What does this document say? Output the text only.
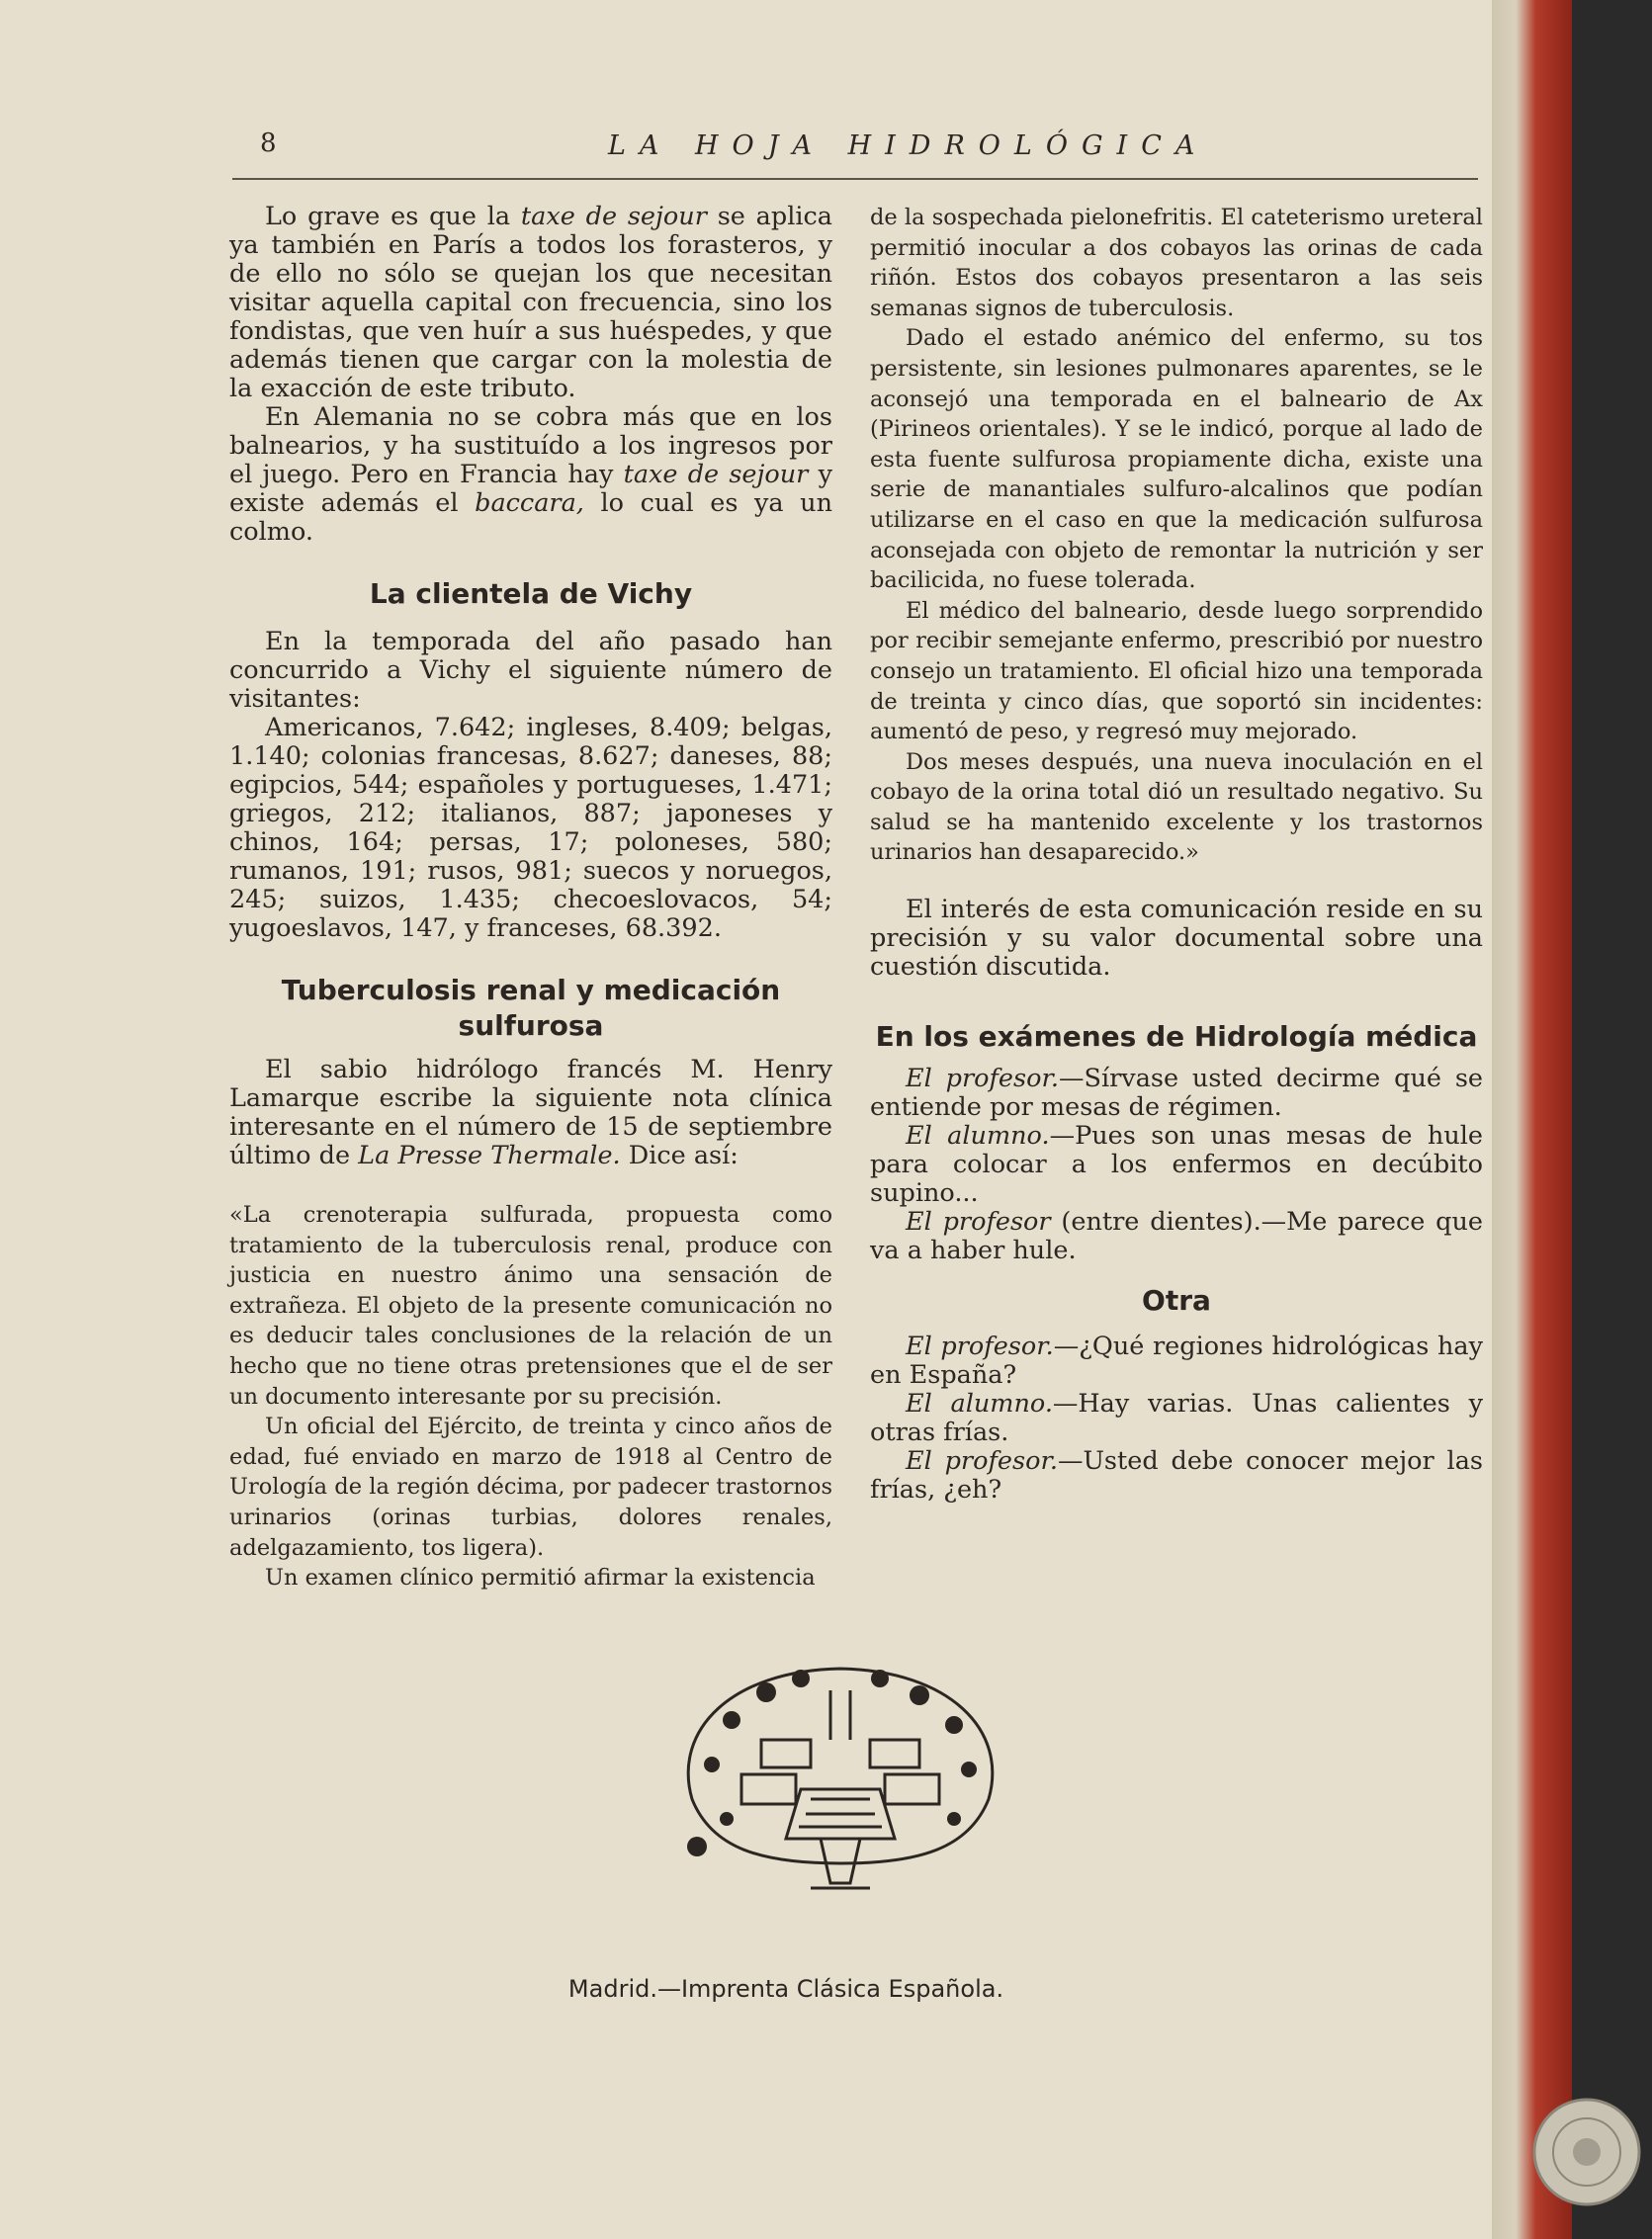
8	LA HOJA HIDROLÓGICA

Lo grave es que la taxe de sejour se aplica ya también en París a todos los forasteros, y de ello no sólo se quejan los que necesitan visitar aquella capital con frecuencia, sino los fondistas, que ven huír a sus huéspedes, y que además tienen que cargar con la molestia de la exacción de este tributo.

En Alemania no se cobra más que en los balnearios, y ha sustituído a los ingresos por el juego. Pero en Francia hay taxe de sejour y existe además el baccara, lo cual es ya un colmo.

La clientela de Vichy

En la temporada del año pasado han concurrido a Vichy el siguiente número de visitantes:

Americanos, 7.642; ingleses, 8.409; belgas, 1.140; colonias francesas, 8.627; daneses, 88; egipcios, 544; españoles y portugueses, 1.471; griegos, 212; italianos, 887; japoneses y chinos, 164; persas, 17; poloneses, 580; rumanos, 191; rusos, 981; suecos y noruegos, 245; suizos, 1.435; checoeslovacos, 54; yugoeslavos, 147, y franceses, 68.392.

Tuberculosis renal y medicación
sulfurosa

El sabio hidrólogo francés M. Henry Lamarque escribe la siguiente nota clínica interesante en el número de 15 de septiembre último de La Presse Thermale. Dice así:

«La crenoterapia sulfurada, propuesta como tratamiento de la tuberculosis renal, produce con justicia en nuestro ánimo una sensación de extrañeza. El objeto de la presente comunicación no es deducir tales conclusiones de la relación de un hecho que no tiene otras pretensiones que el de ser un documento interesante por su precisión.

Un oficial del Ejército, de treinta y cinco años de edad, fué enviado en marzo de 1918 al Centro de Urología de la región décima, por padecer trastornos urinarios (orinas turbias, dolores renales, adelgazamiento, tos ligera).

Un examen clínico permitió afirmar la existencia

de la sospechada pielonefritis. El cateterismo ureteral permitió inocular a dos cobayos las orinas de cada riñón. Estos dos cobayos presentaron a las seis semanas signos de tuberculosis.

Dado el estado anémico del enfermo, su tos persistente, sin lesiones pulmonares aparentes, se le aconsejó una temporada en el balneario de Ax (Pirineos orientales). Y se le indicó, porque al lado de esta fuente sulfurosa propiamente dicha, existe una serie de manantiales sulfuro-alcalinos que podían utilizarse en el caso en que la medicación sulfurosa aconsejada con objeto de remontar la nutrición y ser bacilicida, no fuese tolerada.

El médico del balneario, desde luego sorprendido por recibir semejante enfermo, prescribió por nuestro consejo un tratamiento. El oficial hizo una temporada de treinta y cinco días, que soportó sin incidentes: aumentó de peso, y regresó muy mejorado.

Dos meses después, una nueva inoculación en el cobayo de la orina total dió un resultado negativo. Su salud se ha mantenido excelente y los trastornos urinarios han desaparecido.»

El interés de esta comunicación reside en su precisión y su valor documental sobre una cuestión discutida.

En los exámenes de Hidrología médica

El profesor.—Sírvase usted decirme qué se entiende por mesas de régimen.

El alumno.—Pues son unas mesas de hule para colocar a los enfermos en decúbito supino...

El profesor (entre dientes).—Me parece que va a haber hule.

Otra

El profesor.—¿Qué regiones hidrológicas hay en España?

El alumno.—Hay varias. Unas calientes y otras frías.

El profesor.—Usted debe conocer mejor las frías, ¿eh?

Madrid.—Imprenta Clásica Española.
